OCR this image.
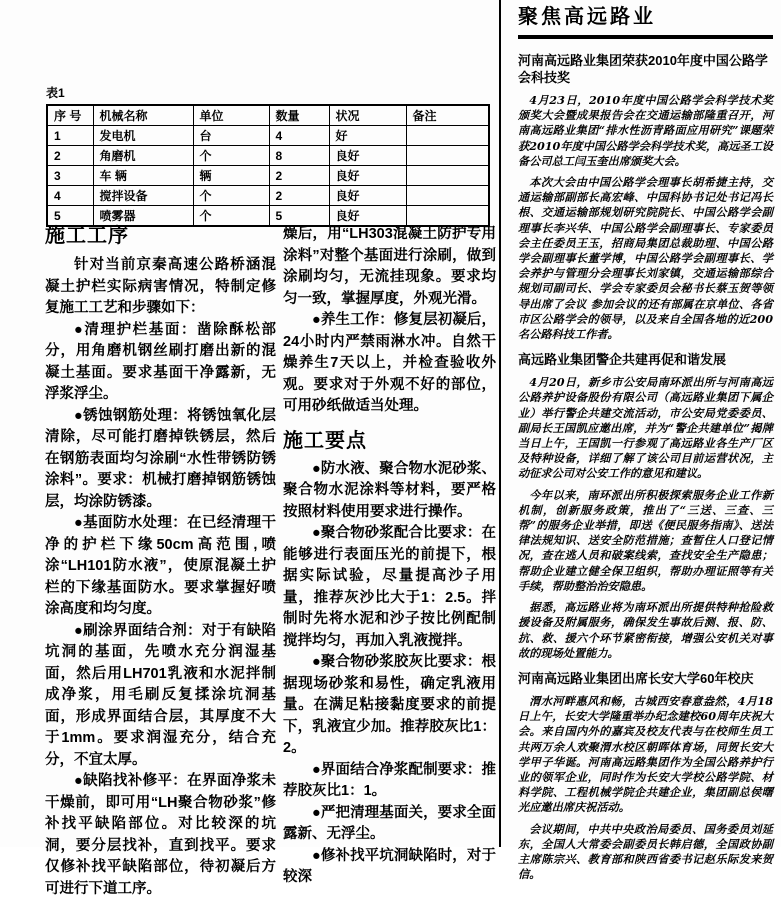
表1
序 号	机械名称	单位	数量	状况	备注
1	发电机	台	4	好	
2	角磨机	个	8	良好	
3	车 辆	辆	2	良好	
4	搅拌设备	个	2	良好	
5	喷雾器	个	5	良好	
施工工序

针对当前京秦高速公路桥涵混凝土护栏实际病害情况，特制定修复施工工艺和步骤如下：

●清理护栏基面：凿除酥松部分，用角磨机钢丝刷打磨出新的混凝土基面。要求基面干净露新，无浮浆浮尘。

●锈蚀钢筋处理：将锈蚀氧化层清除，尽可能打磨掉铁锈层，然后在钢筋表面均匀涂刷“水性带锈防锈涂料”。要求：机械打磨掉钢筋锈蚀层，均涂防锈漆。

●基面防水处理：在已经清理干净的护栏下缘50cm高范围,喷涂“LH101防水液”，使原混凝土护栏的下缘基面防水。要求掌握好喷涂高度和均匀度。

●刷涂界面结合剂：对于有缺陷坑洞的基面，先喷水充分润湿基面，然后用LH701乳液和水泥拌制成净浆，用毛刷反复揉涂坑洞基面，形成界面结合层，其厚度不大于1mm。要求润湿充分，结合充分，不宜太厚。

●缺陷找补修平：在界面净浆未干燥前，即可用“LH聚合物砂浆”修补找平缺陷部位。对比较深的坑洞，要分层找补，直到找平。要求仅修补找平缺陷部位，待初凝后方可进行下道工序。

燥后，用“LH303混凝土防护专用涂料”对整个基面进行涂刷，做到涂刷均匀，无流挂现象。要求均匀一致，掌握厚度，外观光滑。

●养生工作：修复层初凝后，24小时内严禁雨淋水冲。自然干燥养生7天以上，并检查验收外观。要求对于外观不好的部位，可用砂纸做适当处理。

施工要点

●防水液、聚合物水泥砂浆、聚合物水泥涂料等材料，要严格按照材料使用要求进行操作。

●聚合物砂浆配合比要求：在能够进行表面压光的前提下，根据实际试验，尽量提高沙子用量，推荐灰沙比大于1：2.5。拌制时先将水泥和沙子按比例配制搅拌均匀，再加入乳液搅拌。

●聚合物砂浆胶灰比要求：根据现场砂浆和易性，确定乳液用量。在满足粘接黏度要求的前提下，乳液宜少加。推荐胶灰比1：2。

●界面结合净浆配制要求：推荐胶灰比1：1。

●严把清理基面关，要求全面露新、无浮尘。

●修补找平坑洞缺陷时，对于较深

聚焦高远路业
河南高远路业集团荣获2010年度中国公路学会科技奖

4月23日，2010年度中国公路学会科学技术奖颁奖大会暨成果报告会在交通运输部隆重召开，河南高远路业集团“排水性沥青路面应用研究”课题荣获2010年度中国公路学会科学技术奖，高远圣工设备公司总工闫玉奎出席颁奖大会。

本次大会由中国公路学会理事长胡希捷主持，交通运输部副部长高宏峰、中国科协书记处书记冯长根、交通运输部规划研究院院长、中国公路学会副理事长李兴华、中国公路学会副理事长、专家委员会主任委员王玉，招商局集团总裁助理、中国公路学会副理事长董学博，中国公路学会副理事长、学会养护与管理分会理事长刘家镇，交通运输部综合规划司副司长、学会专家委员会秘书长蔡玉贺等领导出席了会议 参加会议的还有部属在京单位、各省市区公路学会的领导，以及来自全国各地的近200名公路科技工作者。

高远路业集团警企共建再促和谐发展

4月20日，新乡市公安局南环派出所与河南高远公路养护设备股份有限公司（高远路业集团下属企业）举行警企共建交流活动，市公安局党委委员、副局长王国凯应邀出席，并为“警企共建单位”揭牌 当日上午，王国凯一行参观了高远路业各生产厂区及特种设备，详细了解了该公司目前运营状况，主动征求公司对公安工作的意见和建议。

今年以来，南环派出所积极探索服务企业工作新机制，创新服务政策，推出了“三送、三查、三帮”的服务企业举措，即送《便民服务指南》、送法律法规知识、送安全防范措施；查暂住人口登记情况，查在逃人员和破案线索，查找安全生产隐患；帮助企业建立健全保卫组织，帮助办理证照等有关手续，帮助整治治安隐患。

据悉，高远路业将为南环派出所提供特种抢险救援设备及附属服务，确保发生事故后测、报、防、抗、救、援六个环节紧密衔接，增强公安机关对事故的现场处置能力。

河南高远路业集团出席长安大学60年校庆

渭水河畔惠风和畅，古城西安春意盎然，4月18日上午，长安大学隆重举办纪念建校60周年庆祝大会。来自国内外的嘉宾及校友代表与在校师生员工共两万余人欢聚渭水校区朝晖体育场，同贺长安大学甲子华诞。河南高远路集团作为全国公路养护行业的领军企业，同时作为长安大学校公路学院、材料学院、工程机械学院企共建企业，集团副总侯曙光应邀出席庆祝活动。

会议期间，中共中央政治局委员、国务委员刘延东，全国人大常委会副委员长韩启德，全国政协副主席陈宗兴、教育部和陕西省委书记赵乐际发来贺信。
